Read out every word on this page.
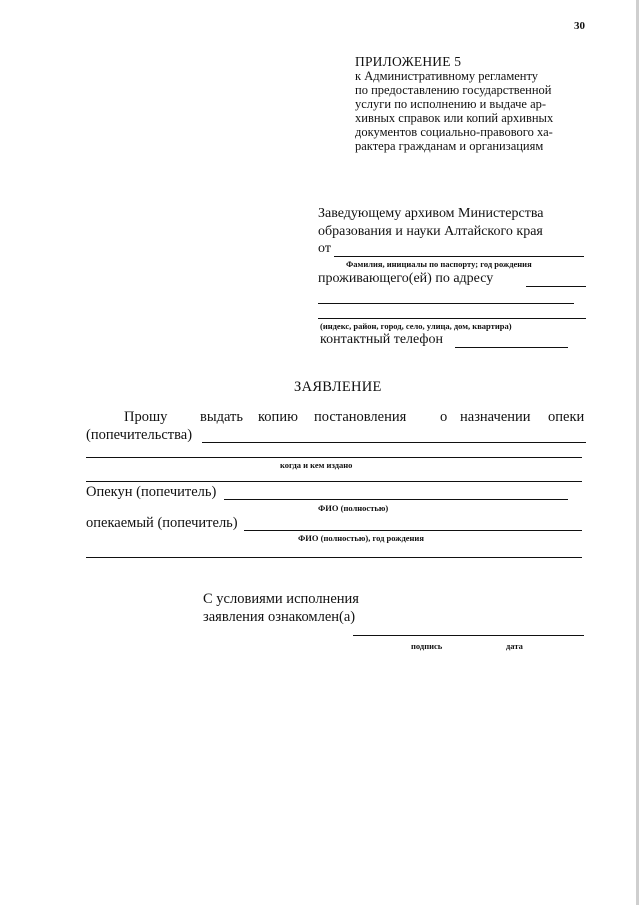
30
ПРИЛОЖЕНИЕ 5
к Административному регламенту
по предоставлению государственной
услуги по исполнению и выдаче ар-
хивных справок или копий архивных
документов социально-правового ха-
рактера гражданам и организациям
Заведующему архивом Министерства
образования и науки Алтайского края
от
Фамилия, инициалы по паспорту; год рождения
проживающего(ей) по адресу
(индекс, район, город, село, улица, дом, квартира)
контактный телефон
ЗАЯВЛЕНИЕ
Прошу выдать копию постановления о назначении опеки
(попечительства)
когда и кем издано
Опекун (попечитель)
ФИО (полностью)
опекаемый (попечитель)
ФИО (полностью), год рождения
С условиями исполнения
заявления ознакомлен(а)
подпись	дата
